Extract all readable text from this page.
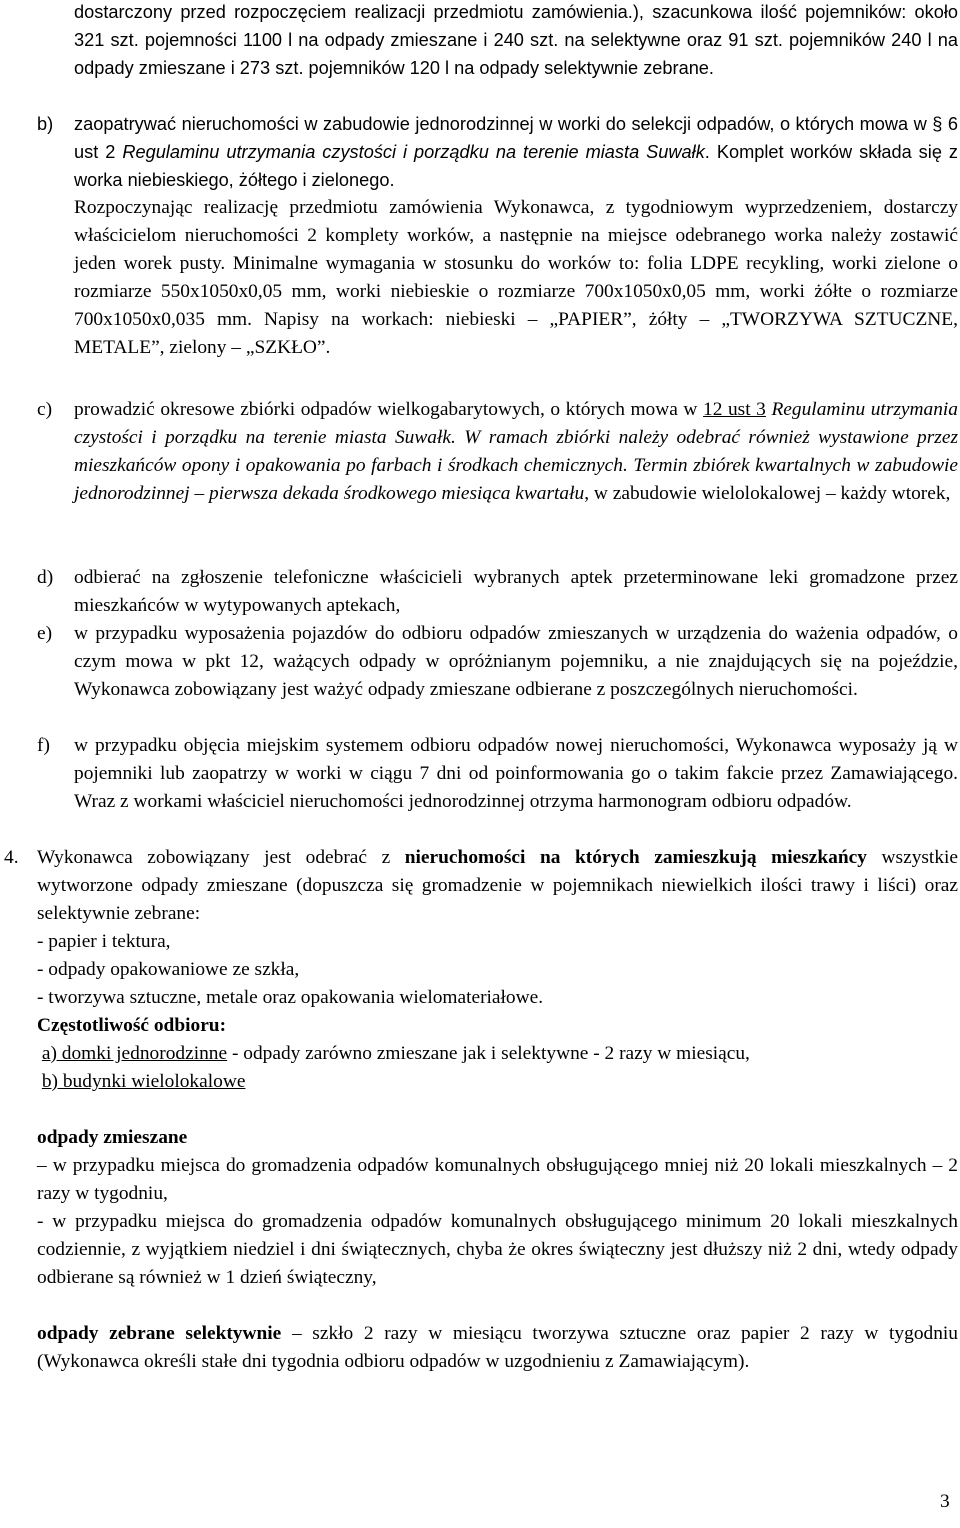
dostarczony przed rozpoczęciem realizacji przedmiotu zamówienia.), szacunkowa ilość pojemników: około 321 szt. pojemności 1100 l na odpady zmieszane i 240 szt. na selektywne oraz 91 szt. pojemników 240 l na odpady zmieszane i 273 szt. pojemników 120 l na odpady selektywnie zebrane.
b) zaopatrywać nieruchomości w zabudowie jednorodzinnej w worki do selekcji odpadów, o których mowa w § 6 ust 2 Regulaminu utrzymania czystości i porządku na terenie miasta Suwałk. Komplet worków składa się z worka niebieskiego, żółtego i zielonego.
Rozpoczynając realizację przedmiotu zamówienia Wykonawca, z tygodniowym wyprzedzeniem, dostarczy właścicielom nieruchomości 2 komplety worków, a następnie na miejsce odebranego worka należy zostawić jeden worek pusty. Minimalne wymagania w stosunku do worków to: folia LDPE recykling, worki zielone o rozmiarze 550x1050x0,05 mm, worki niebieskie o rozmiarze 700x1050x0,05 mm, worki żółte o rozmiarze 700x1050x0,035 mm. Napisy na workach: niebieski – „PAPIER”, żółty – „TWORZYWA SZTUCZNE, METALE”, zielony – „SZKŁO”.
c) prowadzić okresowe zbiórki odpadów wielkogabarytowych, o których mowa w 12 ust 3 Regulaminu utrzymania czystości i porządku na terenie miasta Suwałk. W ramach zbiórki należy odebrać również wystawione przez mieszkańców opony i opakowania po farbach i środkach chemicznych. Termin zbiórek kwartalnych w zabudowie jednorodzinnej – pierwsza dekada środkowego miesiąca kwartału, w zabudowie wielolokalowej – każdy wtorek,
d) odbierać na zgłoszenie telefoniczne właścicieli wybranych aptek przeterminowane leki gromadzone przez mieszkańców w wytypowanych aptekach,
e) w przypadku wyposażenia pojazdów do odbioru odpadów zmieszanych w urządzenia do ważenia odpadów, o czym mowa w pkt 12, ważących odpady w opróżnianym pojemniku, a nie znajdujących się na pojeździe, Wykonawca zobowiązany jest ważyć odpady zmieszane odbierane z poszczególnych nieruchomości.
f) w przypadku objęcia miejskim systemem odbioru odpadów nowej nieruchomości, Wykonawca wyposaży ją w pojemniki lub zaopatrzy w worki w ciągu 7 dni od poinformowania go o takim fakcie przez Zamawiającego. Wraz z workami właściciel nieruchomości jednorodzinnej otrzyma harmonogram odbioru odpadów.
4. Wykonawca zobowiązany jest odebrać z nieruchomości na których zamieszkują mieszkańcy wszystkie wytworzone odpady zmieszane (dopuszcza się gromadzenie w pojemnikach niewielkich ilości trawy i liści) oraz selektywnie zebrane:
- papier i tektura,
- odpady opakowaniowe ze szkła,
- tworzywa sztuczne, metale oraz opakowania wielomateriałowe.
Częstotliwość odbioru:
a) domki jednorodzinne - odpady zarówno zmieszane jak i selektywne - 2 razy w miesiącu,
b) budynki wielolokalowe
odpady zmieszane
– w przypadku miejsca do gromadzenia odpadów komunalnych obsługującego mniej niż 20 lokali mieszkalnych – 2 razy w tygodniu,
- w przypadku miejsca do gromadzenia odpadów komunalnych obsługującego minimum 20 lokali mieszkalnych codziennie, z wyjątkiem niedziel i dni świątecznych, chyba że okres świąteczny jest dłuższy niż 2 dni, wtedy odpady odbierane są również w 1 dzień świąteczny,
odpady zebrane selektywnie – szkło 2 razy w miesiącu tworzywa sztuczne oraz papier 2 razy w tygodniu (Wykonawca określi stałe dni tygodnia odbioru odpadów w uzgodnieniu z Zamawiającym).
3
